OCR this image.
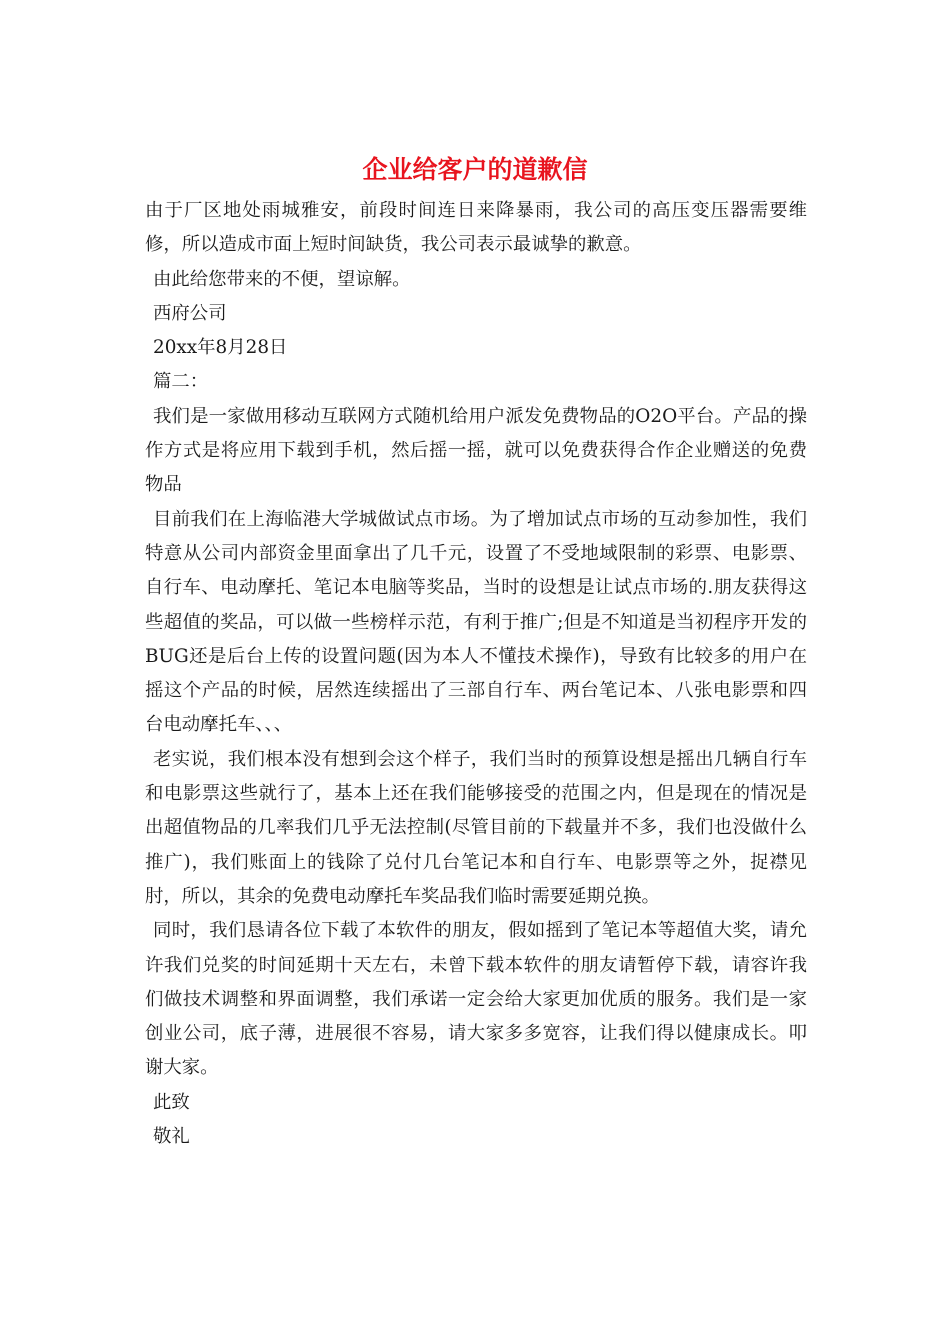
企业给客户的道歉信

由于厂区地处雨城雅安，前段时间连日来降暴雨，我公司的高压变压器需要维修，所以造成市面上短时间缺货，我公司表示最诚挚的歉意。

由此给您带来的不便，望谅解。

西府公司

20xx年8月28日

篇二：

我们是一家做用移动互联网方式随机给用户派发免费物品的O2O平台。产品的操作方式是将应用下载到手机，然后摇一摇，就可以免费获得合作企业赠送的免费物品

目前我们在上海临港大学城做试点市场。为了增加试点市场的互动参加性，我们特意从公司内部资金里面拿出了几千元，设置了不受地域限制的彩票、电影票、自行车、电动摩托、笔记本电脑等奖品，当时的设想是让试点市场的.朋友获得这些超值的奖品，可以做一些榜样示范，有利于推广;但是不知道是当初程序开发的BUG还是后台上传的设置问题(因为本人不懂技术操作)，导致有比较多的用户在摇这个产品的时候，居然连续摇出了三部自行车、两台笔记本、八张电影票和四台电动摩托车、、、

老实说，我们根本没有想到会这个样子，我们当时的预算设想是摇出几辆自行车和电影票这些就行了，基本上还在我们能够接受的范围之内，但是现在的情况是出超值物品的几率我们几乎无法控制(尽管目前的下载量并不多，我们也没做什么推广)，我们账面上的钱除了兑付几台笔记本和自行车、电影票等之外，捉襟见肘，所以，其余的免费电动摩托车奖品我们临时需要延期兑换。

同时，我们恳请各位下载了本软件的朋友，假如摇到了笔记本等超值大奖，请允许我们兑奖的时间延期十天左右，未曾下载本软件的朋友请暂停下载，请容许我们做技术调整和界面调整，我们承诺一定会给大家更加优质的服务。我们是一家创业公司，底子薄，进展很不容易，请大家多多宽容，让我们得以健康成长。叩谢大家。

此致

敬礼
